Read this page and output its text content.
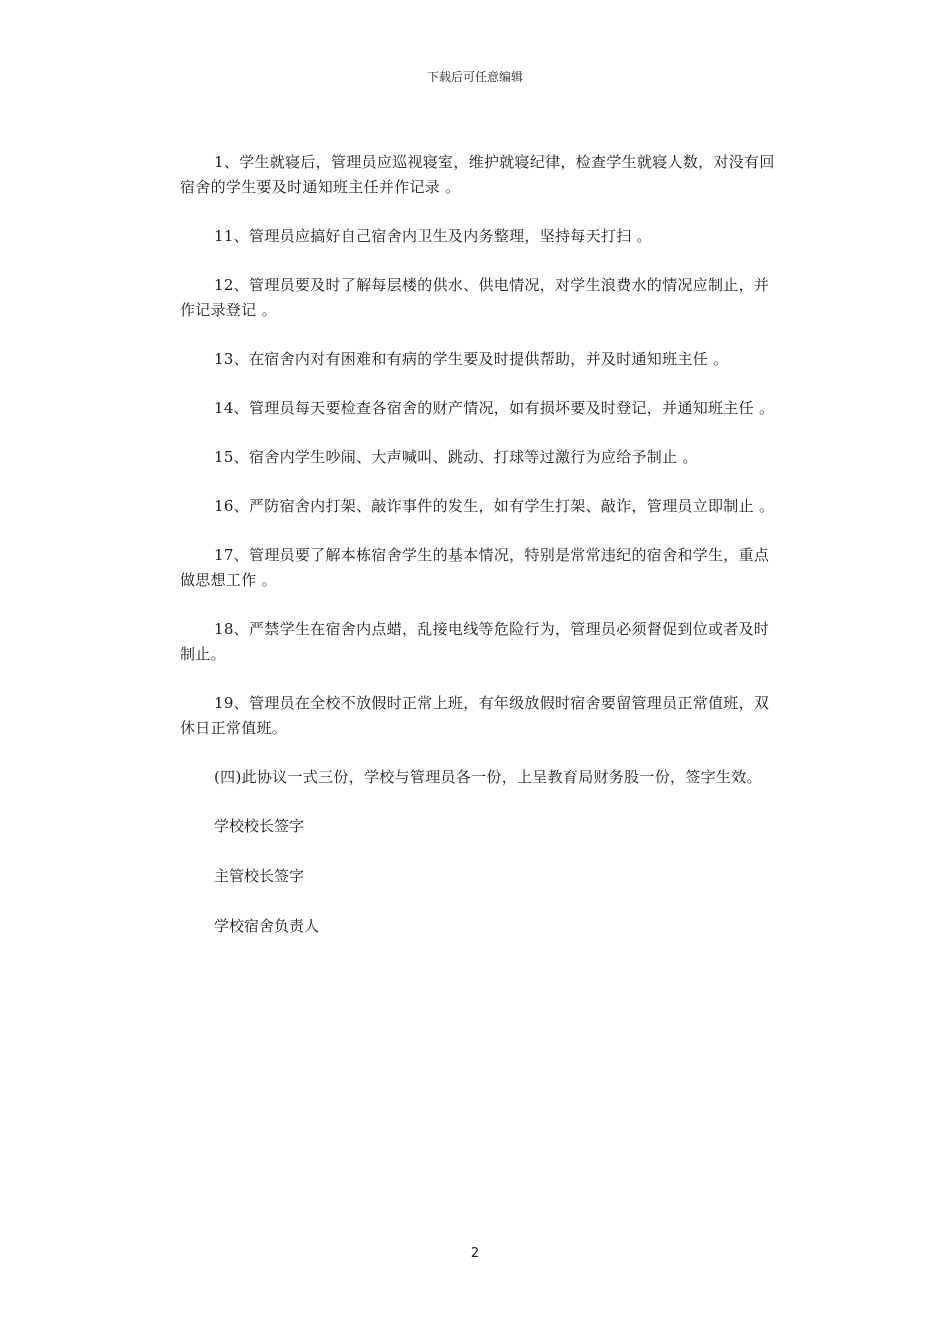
下载后可任意编辑

1、学生就寝后，管理员应巡视寝室，维护就寝纪律，检查学生就寝人数，对没有回宿舍的学生要及时通知班主任并作记录 。

11、管理员应搞好自己宿舍内卫生及内务整理，坚持每天打扫 。

12、管理员要及时了解每层楼的供水、供电情况，对学生浪费水的情况应制止，并作记录登记 。

13、在宿舍内对有困难和有病的学生要及时提供帮助，并及时通知班主任 。

14、管理员每天要检查各宿舍的财产情况，如有损坏要及时登记，并通知班主任 。

15、宿舍内学生吵闹、大声喊叫、跳动、打球等过激行为应给予制止 。

16、严防宿舍内打架、敲诈事件的发生，如有学生打架、敲诈，管理员立即制止 。

17、管理员要了解本栋宿舍学生的基本情况，特别是常常违纪的宿舍和学生，重点做思想工作 。

18、严禁学生在宿舍内点蜡，乱接电线等危险行为，管理员必须督促到位或者及时制止。

19、管理员在全校不放假时正常上班，有年级放假时宿舍要留管理员正常值班，双休日正常值班。

(四)此协议一式三份，学校与管理员各一份，上呈教育局财务股一份，签字生效。

学校校长签字

主管校长签字

学校宿舍负责人

2
